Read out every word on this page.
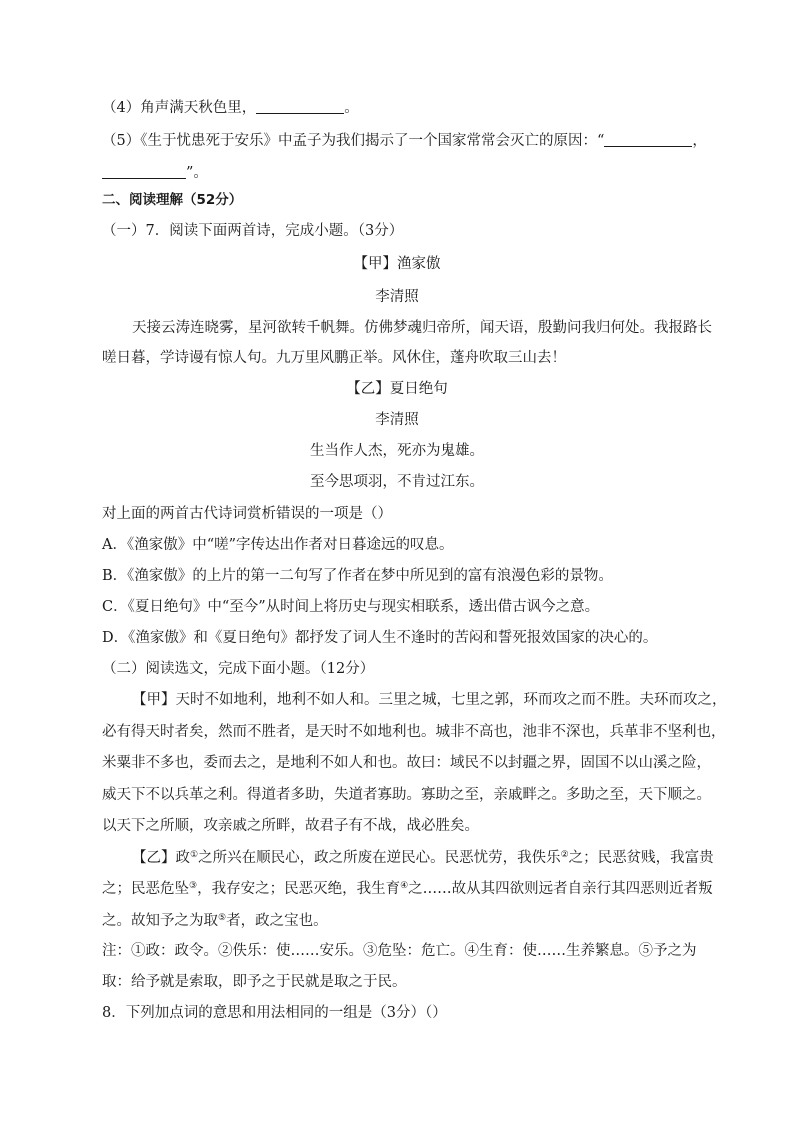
（4）角声满天秋色里，	。
（5）《生于忧患死于安乐》中孟子为我们揭示了一个国家常常会灭亡的原因：“	，
”。
二、阅读理解（52分）
（一）7．阅读下面两首诗，完成小题。（3分）
【甲】渔家傲
李清照
天接云涛连晓雾，星河欲转千帆舞。仿佛梦魂归帝所，闻天语，殷勤问我归何处。我报路长
嗟日暮，学诗谩有惊人句。九万里风鹏正举。风休住，蓬舟吹取三山去！
【乙】夏日绝句
李清照
生当作人杰，死亦为鬼雄。
至今思项羽，不肯过江东。
对上面的两首古代诗词赏析错误的一项是（）
A．《渔家傲》中“嗟”字传达出作者对日暮途远的叹息。
B．《渔家傲》的上片的第一二句写了作者在梦中所见到的富有浪漫色彩的景物。
C．《夏日绝句》中“至今”从时间上将历史与现实相联系，透出借古讽今之意。
D．《渔家傲》和《夏日绝句》都抒发了词人生不逢时的苦闷和誓死报效国家的决心的。
（二）阅读选文，完成下面小题。（12分）
【甲】天时不如地利，地利不如人和。三里之城，七里之郭，环而攻之而不胜。夫环而攻之，
必有得天时者矣，然而不胜者，是天时不如地利也。城非不高也，池非不深也，兵革非不坚利也，
米粟非不多也，委而去之，是地利不如人和也。故曰：域民不以封疆之界，固国不以山溪之险，
威天下不以兵革之利。得道者多助，失道者寡助。寡助之至，亲戚畔之。多助之至，天下顺之。
以天下之所顺，攻亲戚之所畔，故君子有不战，战必胜矣。
【乙】政①之所兴在顺民心，政之所废在逆民心。民恶忧劳，我佚乐②之；民恶贫贱，我富贵
之；民恶危坠③，我存安之；民恶灭绝，我生育④之……故从其四欲则远者自亲行其四恶则近者叛
之。故知予之为取⑤者，政之宝也。
注：①政：政令。②佚乐：使……安乐。③危坠：危亡。④生育：使……生养繁息。⑤予之为
取：给予就是索取，即予之于民就是取之于民。
8．下列加点词的意思和用法相同的一组是（3分）（）
